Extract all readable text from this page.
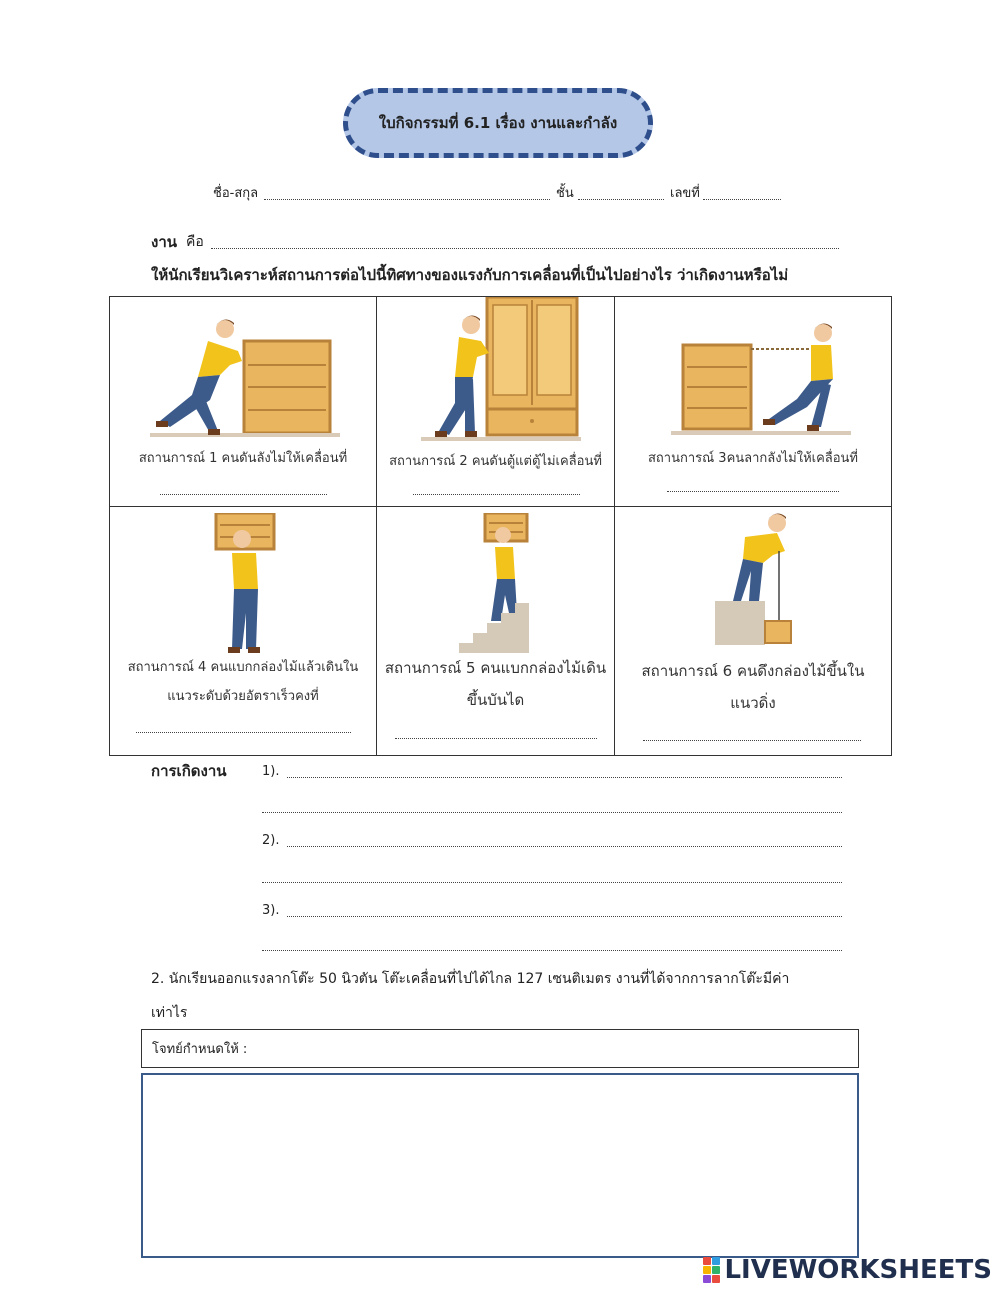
ใบกิจกรรมที่ 6.1 เรื่อง งานและกำลัง
ชื่อ-สกุล	ชั้น	เลขที่
งาน คือ
ให้นักเรียนวิเคราะห์สถานการต่อไปนี้ทิศทางของแรงกับการเคลื่อนที่เป็นไปอย่างไร ว่าเกิดงานหรือไม่
สถานการณ์ 1 คนดันลังไม่ให้เคลื่อนที่	สถานการณ์ 2 คนดันตู้แต่ตู้ไม่เคลื่อนที่	สถานการณ์ 3คนลากลังไม่ให้เคลื่อนที่
สถานการณ์ 4 คนแบกกล่องไม้แล้วเดินใน
แนวระดับด้วยอัตราเร็วคงที่
สถานการณ์ 5 คนแบกกล่องไม้เดิน
ขึ้นบันได
สถานการณ์ 6 คนดึงกล่องไม้ขึ้นใน
แนวดิ่ง
การเกิดงาน	1).
2).
3).
2. นักเรียนออกแรงลากโต๊ะ 50 นิวตัน โต๊ะเคลื่อนที่ไปได้ไกล 127 เซนติเมตร งานที่ได้จากการลากโต๊ะมีค่า
เท่าไร
โจทย์กำหนดให้ :
LIVEWORKSHEETS
